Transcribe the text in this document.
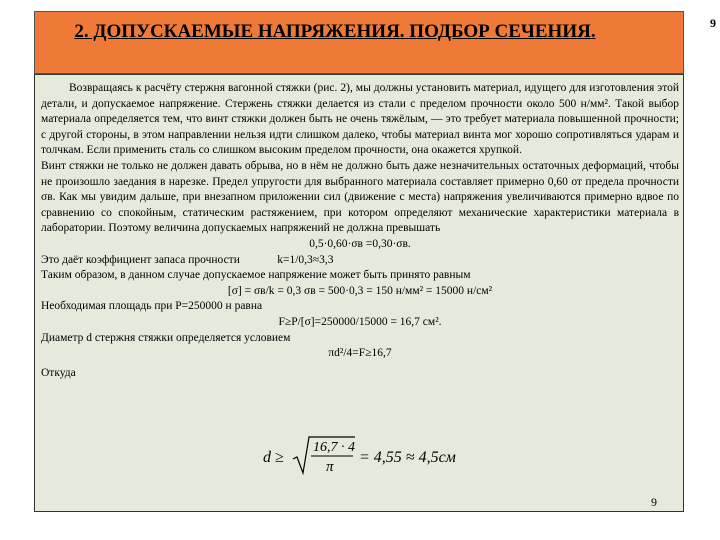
9
2. ДОПУСКАЕМЫЕ НАПРЯЖЕНИЯ. ПОДБОР СЕЧЕНИЯ.

Возвращаясь к расчёту стержня вагонной стяжки (рис. 2), мы должны установить материал, идущего для изготовления этой детали, и допускаемое напряжение. Стержень стяжки делается из стали с пределом прочности около 500 н/мм². Такой выбор материала определяется тем, что винт стяжки должен быть не очень тяжёлым, — это требует материала повышенной прочности; с другой стороны, в этом направлении нельзя идти слишком далеко, чтобы материал винта мог хорошо сопротивляться ударам и толчкам. Если применить сталь со слишком высоким пределом прочности, она окажется хрупкой.

Винт стяжки не только не должен давать обрыва, но в нём не должно быть даже незначительных остаточных деформаций, чтобы не произошло заедания в нарезке. Предел упругости для выбранного материала составляет примерно 0,60 от предела прочности σв. Как мы увидим дальше, при внезапном приложении сил (движение с места) напряжения увеличиваются примерно вдвое по сравнению со спокойным, статическим растяжением, при котором определяют механические характеристики материала в лаборатории. Поэтому величина допускаемых напряжений не должна превышать

0,5·0,60·σв =0,30·σв.

Это даёт коэффициент запаса прочности             k=1/0,3≈3,3

Таким образом, в данном случае допускаемое напряжение может быть принято равным

[σ] = σв/k = 0,3 σв = 500·0,3 = 150 н/мм² = 15000 н/см²

Необходимая площадь при P=250000 н равна

F≥P/[σ]=250000/15000 = 16,7 см².

Диаметр d стержня стяжки определяется условием

πd²/4=F≥16,7

Откуда

d ≥
16,7 · 4
π
= 4,55 ≈ 4,5см
9
